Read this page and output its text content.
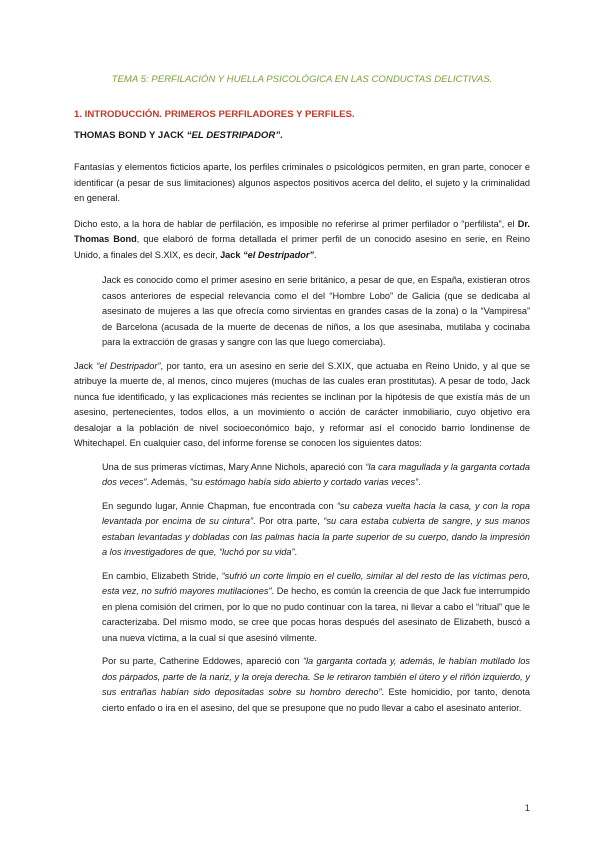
TEMA 5: PERFILACIÓN Y HUELLA PSICOLÓGICA EN LAS CONDUCTAS DELICTIVAS.
1. INTRODUCCIÓN. PRIMEROS PERFILADORES Y PERFILES.
THOMAS BOND Y JACK “EL DESTRIPADOR”.

Fantasías y elementos ficticios aparte, los perfiles criminales o psicológicos permiten, en gran parte, conocer e identificar (a pesar de sus limitaciones) algunos aspectos positivos acerca del delito, el sujeto y la criminalidad en general.

Dicho esto, a la hora de hablar de perfilación, es imposible no referirse al primer perfilador o “perfilista”, el Dr. Thomas Bond, que elaboró de forma detallada el primer perfil de un conocido asesino en serie, en Reino Unido, a finales del S.XIX, es decir, Jack “el Destripador”.

Jack es conocido como el primer asesino en serie británico, a pesar de que, en España, existieran otros casos anteriores de especial relevancia como el del “Hombre Lobo” de Galicia (que se dedicaba al asesinato de mujeres a las que ofrecía como sirvientas en grandes casas de la zona) o la “Vampiresa” de Barcelona (acusada de la muerte de decenas de niños, a los que asesinaba, mutilaba y cocinaba para la extracción de grasas y sangre con las que luego comerciaba).

Jack “el Destripador”, por tanto, era un asesino en serie del S.XIX, que actuaba en Reino Unido, y al que se atribuye la muerte de, al menos, cinco mujeres (muchas de las cuales eran prostitutas). A pesar de todo, Jack nunca fue identificado, y las explicaciones más recientes se inclinan por la hipótesis de que existía más de un asesino, pertenecientes, todos ellos, a un movimiento o acción de carácter inmobiliario, cuyo objetivo era desalojar a la población de nivel socioeconómico bajo, y reformar así el conocido barrio londinense de Whitechapel. En cualquier caso, del informe forense se conocen los siguientes datos:

Una de sus primeras víctimas, Mary Anne Nichols, apareció con “la cara magullada y la garganta cortada dos veces”. Además, “su estómago había sido abierto y cortado varias veces”.

En segundo lugar, Annie Chapman, fue encontrada con “su cabeza vuelta hacia la casa, y con la ropa levantada por encima de su cintura”. Por otra parte, “su cara estaba cubierta de sangre, y sus manos estaban levantadas y dobladas con las palmas hacia la parte superior de su cuerpo, dando la impresión a los investigadores de que, “luchó por su vida”.

En cambio, Elizabeth Stride, “sufrió un corte limpio en el cuello, similar al del resto de las víctimas pero, esta vez, no sufrió mayores mutilaciones”. De hecho, es común la creencia de que Jack fue interrumpido en plena comisión del crimen, por lo que no pudo continuar con la tarea, ni llevar a cabo el “ritual” que le caracterizaba. Del mismo modo, se cree que pocas horas después del asesinato de Elizabeth, buscó a una nueva víctima, a la cual sí que asesinó vilmente.

Por su parte, Catherine Eddowes, apareció con “la garganta cortada y, además, le habían mutilado los dos párpados, parte de la nariz, y la oreja derecha. Se le retiraron también el útero y el riñón izquierdo, y sus entrañas habían sido depositadas sobre su hombro derecho”. Este homicidio, por tanto, denota cierto enfado o ira en el asesino, del que se presupone que no pudo llevar a cabo el asesinato anterior.

1
